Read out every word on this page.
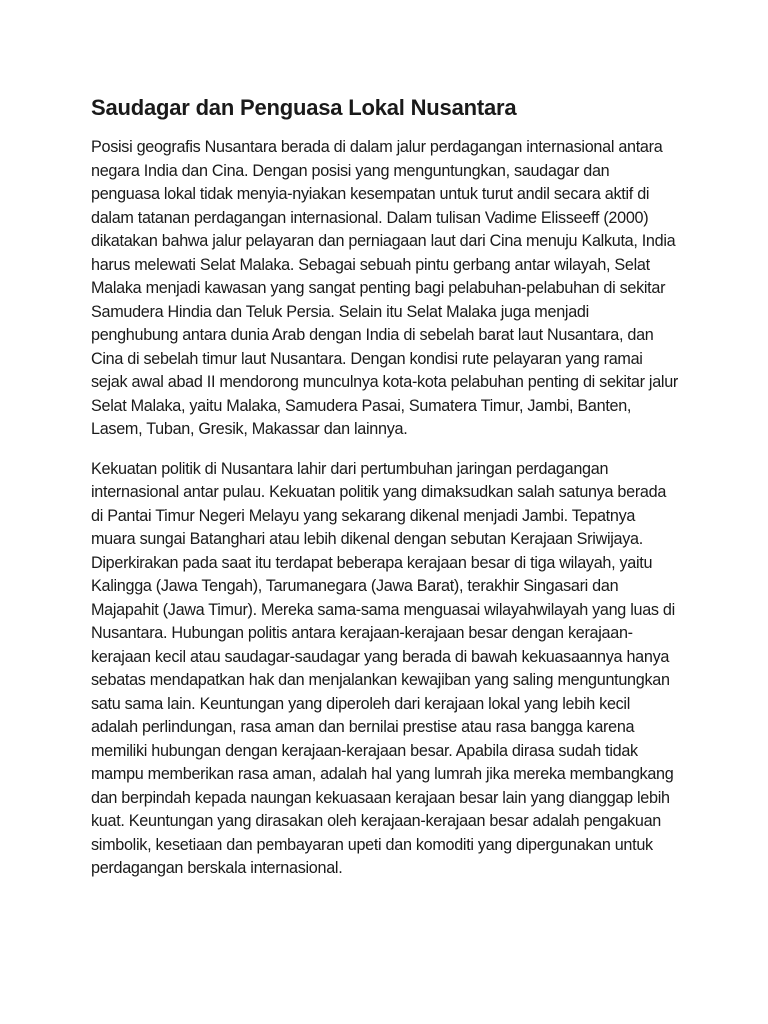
Saudagar dan Penguasa Lokal Nusantara

Posisi geografis Nusantara berada di dalam jalur perdagangan internasional antara negara India dan Cina. Dengan posisi yang menguntungkan, saudagar dan penguasa lokal tidak menyia-nyiakan kesempatan untuk turut andil secara aktif di dalam tatanan perdagangan internasional. Dalam tulisan Vadime Elisseeff (2000) dikatakan bahwa jalur pelayaran dan perniagaan laut dari Cina menuju Kalkuta, India harus melewati Selat Malaka. Sebagai sebuah pintu gerbang antar wilayah, Selat Malaka menjadi kawasan yang sangat penting bagi pelabuhan-pelabuhan di sekitar Samudera Hindia dan Teluk Persia. Selain itu Selat Malaka juga menjadi penghubung antara dunia Arab dengan India di sebelah barat laut Nusantara, dan Cina di sebelah timur laut Nusantara. Dengan kondisi rute pelayaran yang ramai sejak awal abad II mendorong munculnya kota-kota pelabuhan penting di sekitar jalur Selat Malaka, yaitu Malaka, Samudera Pasai, Sumatera Timur, Jambi, Banten, Lasem, Tuban, Gresik, Makassar dan lainnya.

Kekuatan politik di Nusantara lahir dari pertumbuhan jaringan perdagangan internasional antar pulau. Kekuatan politik yang dimaksudkan salah satunya berada di Pantai Timur Negeri Melayu yang sekarang dikenal menjadi Jambi. Tepatnya muara sungai Batanghari atau lebih dikenal dengan sebutan Kerajaan Sriwijaya. Diperkirakan pada saat itu terdapat beberapa kerajaan besar di tiga wilayah, yaitu Kalingga (Jawa Tengah), Tarumanegara (Jawa Barat), terakhir Singasari dan Majapahit (Jawa Timur). Mereka sama-sama menguasai wilayahwilayah yang luas di Nusantara. Hubungan politis antara kerajaan-kerajaan besar dengan kerajaan-kerajaan kecil atau saudagar-saudagar yang berada di bawah kekuasaannya hanya sebatas mendapatkan hak dan menjalankan kewajiban yang saling menguntungkan satu sama lain. Keuntungan yang diperoleh dari kerajaan lokal yang lebih kecil adalah perlindungan, rasa aman dan bernilai prestise atau rasa bangga karena memiliki hubungan dengan kerajaan-kerajaan besar. Apabila dirasa sudah tidak mampu memberikan rasa aman, adalah hal yang lumrah jika mereka membangkang dan berpindah kepada naungan kekuasaan kerajaan besar lain yang dianggap lebih kuat. Keuntungan yang dirasakan oleh kerajaan-kerajaan besar adalah pengakuan simbolik, kesetiaan dan pembayaran upeti dan komoditi yang dipergunakan untuk perdagangan berskala internasional.
